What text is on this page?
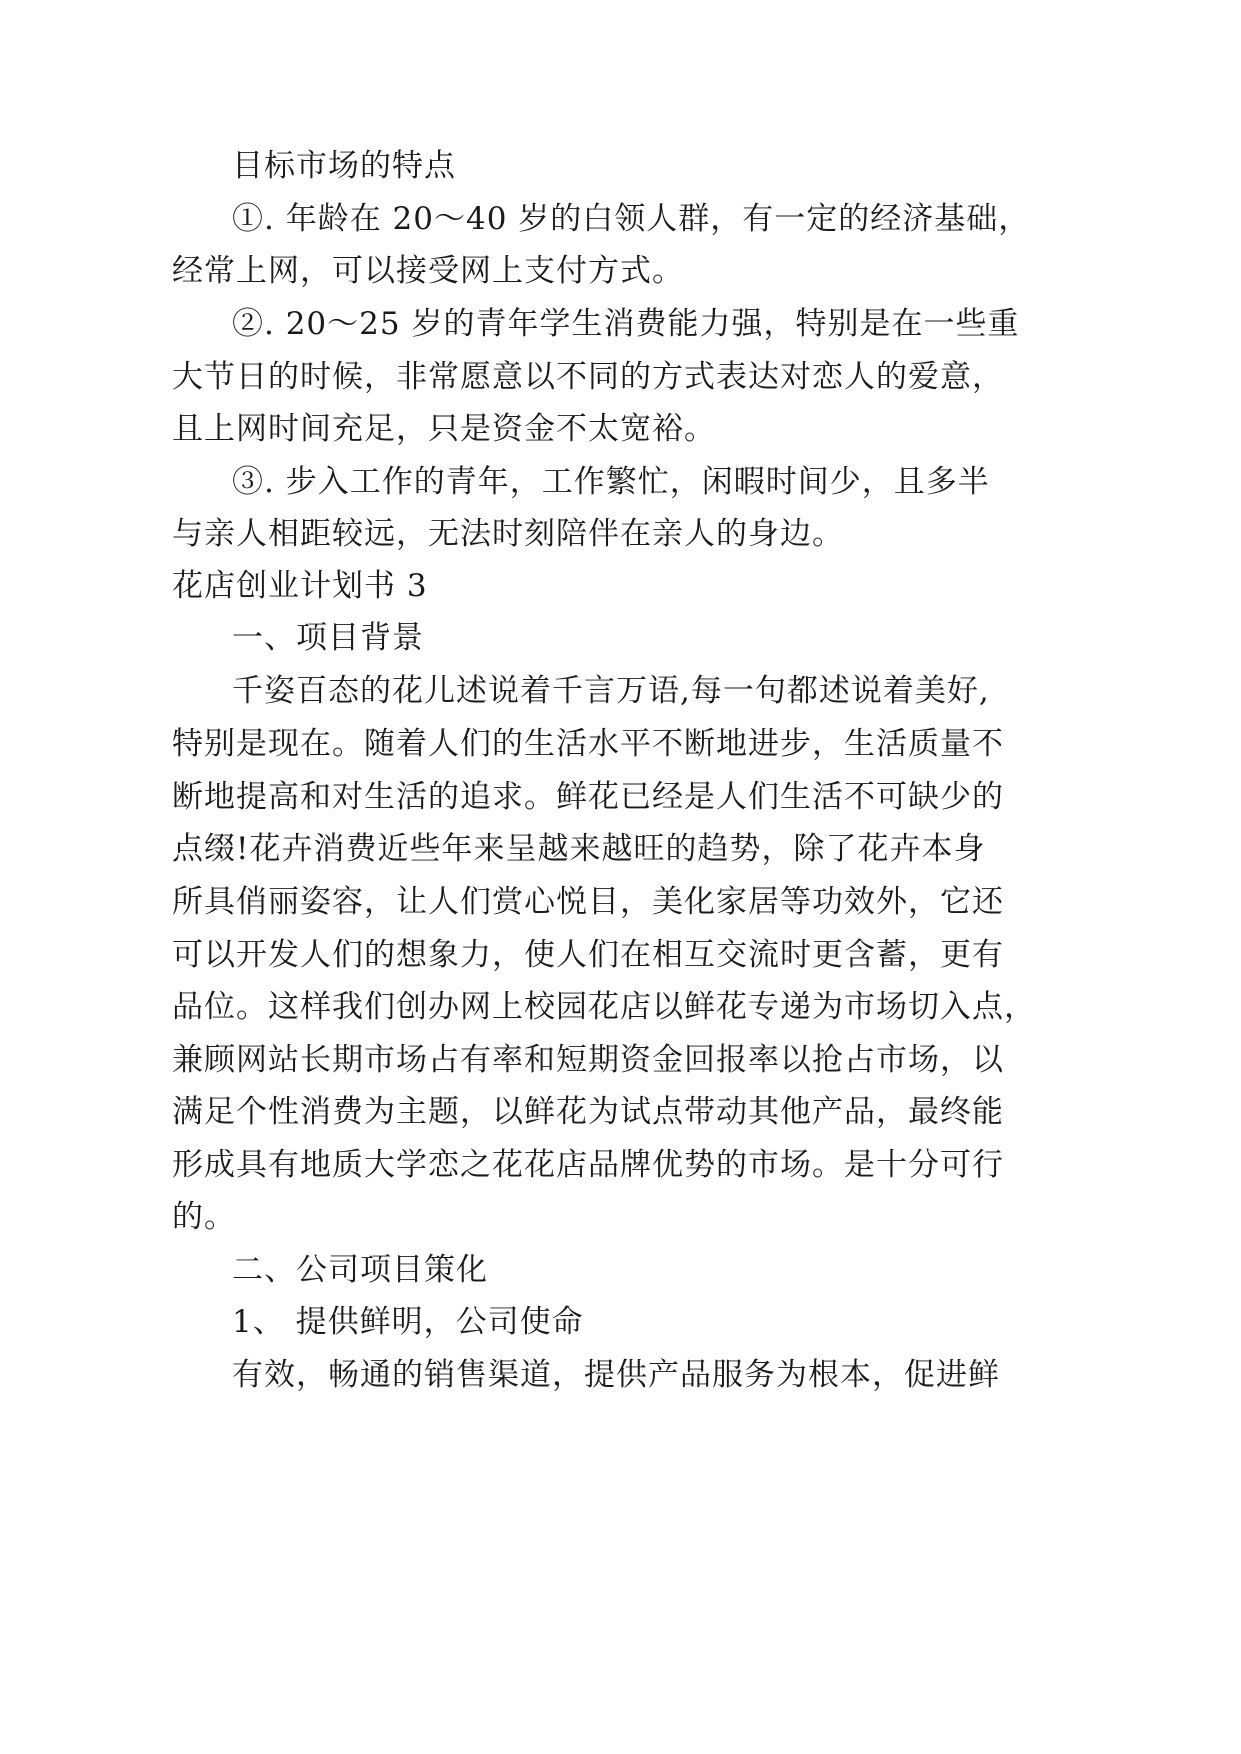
目标市场的特点
①. 年龄在 20～40 岁的白领人群，有一定的经济基础，
经常上网，可以接受网上支付方式。
②. 20～25 岁的青年学生消费能力强，特别是在一些重
大节日的时候，非常愿意以不同的方式表达对恋人的爱意，
且上网时间充足，只是资金不太宽裕。
③. 步入工作的青年，工作繁忙，闲暇时间少，且多半
与亲人相距较远，无法时刻陪伴在亲人的身边。
花店创业计划书 3
一、项目背景
千姿百态的花儿述说着千言万语,每一句都述说着美好,
特别是现在。随着人们的生活水平不断地进步，生活质量不
断地提高和对生活的追求。鲜花已经是人们生活不可缺少的
点缀!花卉消费近些年来呈越来越旺的趋势，除了花卉本身
所具俏丽姿容，让人们赏心悦目，美化家居等功效外，它还
可以开发人们的想象力，使人们在相互交流时更含蓄，更有
品位。这样我们创办网上校园花店以鲜花专递为市场切入点，
兼顾网站长期市场占有率和短期资金回报率以抢占市场，以
满足个性消费为主题，以鲜花为试点带动其他产品，最终能
形成具有地质大学恋之花花店品牌优势的市场。是十分可行
的。
二、公司项目策化
1、 提供鲜明，公司使命
有效，畅通的销售渠道，提供产品服务为根本，促进鲜
